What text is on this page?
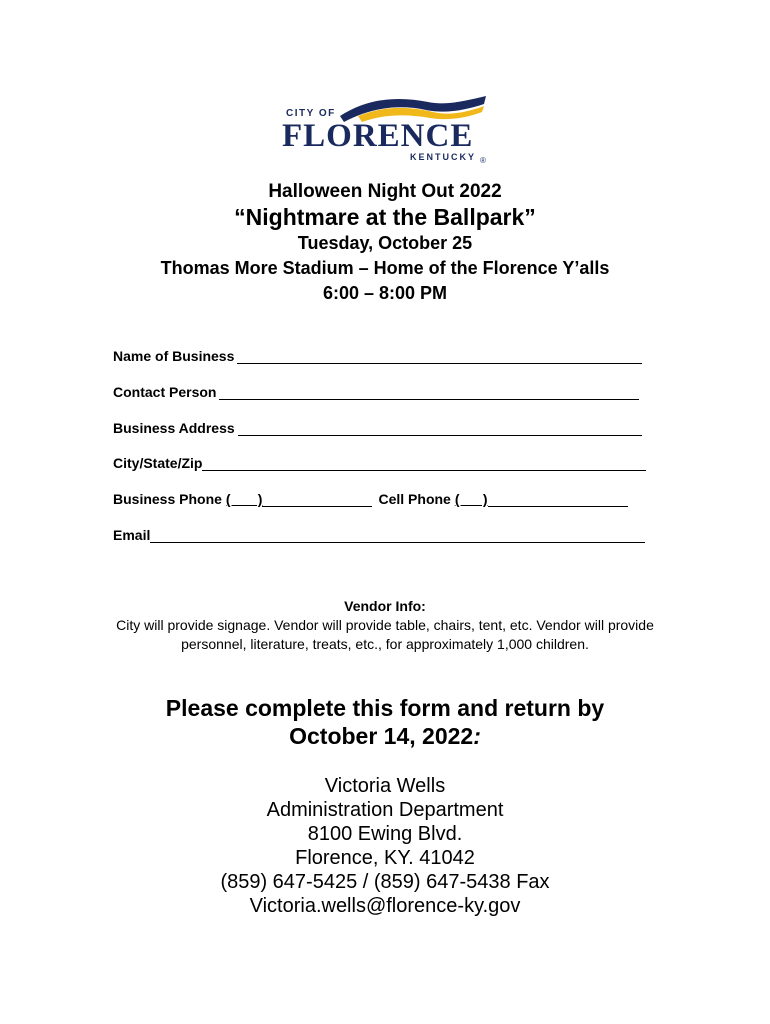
CITY OF
FLORENCE
KENTUCKY ®
Halloween Night Out 2022
“Nightmare at the Ballpark”
Tuesday, October 25
Thomas More Stadium – Home of the Florence Y’alls
6:00 – 8:00 PM
Name of Business
Contact Person
Business Address
City/State/Zip
Business Phone (       )	Cell Phone (      )
Email
Vendor Info:
City will provide signage. Vendor will provide table, chairs, tent, etc. Vendor will provide personnel, literature, treats, etc., for approximately 1,000 children.
Please complete this form and return by
October 14, 2022:
Victoria Wells
Administration Department
8100 Ewing Blvd.
Florence, KY. 41042
(859) 647-5425 / (859) 647-5438 Fax
Victoria.wells@florence-ky.gov
